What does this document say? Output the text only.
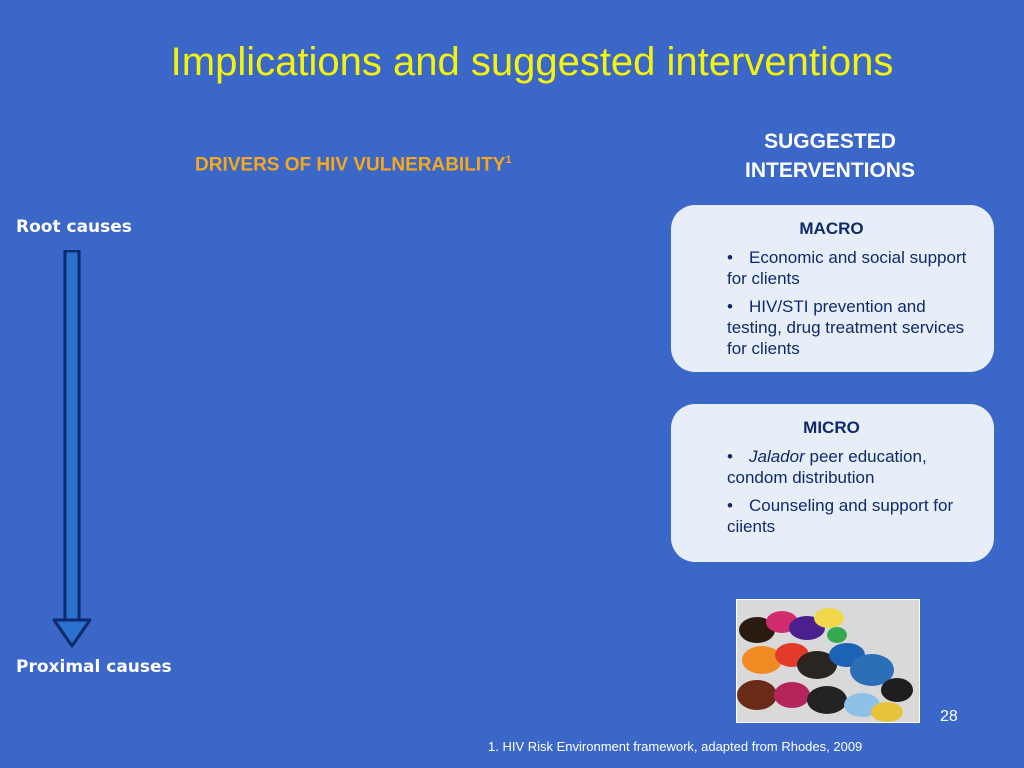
Implications and suggested interventions
DRIVERS OF HIV VULNERABILITY$^1$
SUGGESTED
INTERVENTIONS
Root causes
Proximal causes
MACRO
• Economic and social support for clients
• HIV/STI prevention and testing, drug treatment services for clients
MICRO
• Jalador peer education, condom distribution
• Counseling and support for ciients
28
1. HIV Risk Environment framework, adapted from Rhodes, 2009
